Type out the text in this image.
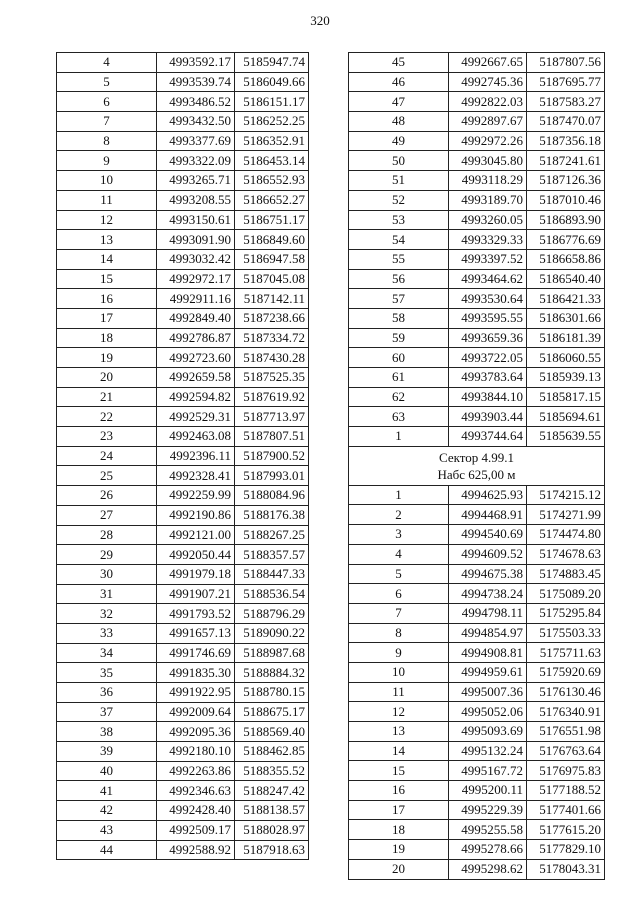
320
4	4993592.17	5185947.74
5	4993539.74	5186049.66
6	4993486.52	5186151.17
7	4993432.50	5186252.25
8	4993377.69	5186352.91
9	4993322.09	5186453.14
10	4993265.71	5186552.93
11	4993208.55	5186652.27
12	4993150.61	5186751.17
13	4993091.90	5186849.60
14	4993032.42	5186947.58
15	4992972.17	5187045.08
16	4992911.16	5187142.11
17	4992849.40	5187238.66
18	4992786.87	5187334.72
19	4992723.60	5187430.28
20	4992659.58	5187525.35
21	4992594.82	5187619.92
22	4992529.31	5187713.97
23	4992463.08	5187807.51
24	4992396.11	5187900.52
25	4992328.41	5187993.01
26	4992259.99	5188084.96
27	4992190.86	5188176.38
28	4992121.00	5188267.25
29	4992050.44	5188357.57
30	4991979.18	5188447.33
31	4991907.21	5188536.54
32	4991793.52	5188796.29
33	4991657.13	5189090.22
34	4991746.69	5188987.68
35	4991835.30	5188884.32
36	4991922.95	5188780.15
37	4992009.64	5188675.17
38	4992095.36	5188569.40
39	4992180.10	5188462.85
40	4992263.86	5188355.52
41	4992346.63	5188247.42
42	4992428.40	5188138.57
43	4992509.17	5188028.97
44	4992588.92	5187918.63
45	4992667.65	5187807.56
46	4992745.36	5187695.77
47	4992822.03	5187583.27
48	4992897.67	5187470.07
49	4992972.26	5187356.18
50	4993045.80	5187241.61
51	4993118.29	5187126.36
52	4993189.70	5187010.46
53	4993260.05	5186893.90
54	4993329.33	5186776.69
55	4993397.52	5186658.86
56	4993464.62	5186540.40
57	4993530.64	5186421.33
58	4993595.55	5186301.66
59	4993659.36	5186181.39
60	4993722.05	5186060.55
61	4993783.64	5185939.13
62	4993844.10	5185817.15
63	4993903.44	5185694.61
1	4993744.64	5185639.55

Сектор 4.99.1
Набс 625,00 м		

1	4994625.93	5174215.12
2	4994468.91	5174271.99
3	4994540.69	5174474.80
4	4994609.52	5174678.63
5	4994675.38	5174883.45
6	4994738.24	5175089.20
7	4994798.11	5175295.84
8	4994854.97	5175503.33
9	4994908.81	5175711.63
10	4994959.61	5175920.69
11	4995007.36	5176130.46
12	4995052.06	5176340.91
13	4995093.69	5176551.98
14	4995132.24	5176763.64
15	4995167.72	5176975.83
16	4995200.11	5177188.52
17	4995229.39	5177401.66
18	4995255.58	5177615.20
19	4995278.66	5177829.10
20	4995298.62	5178043.31
